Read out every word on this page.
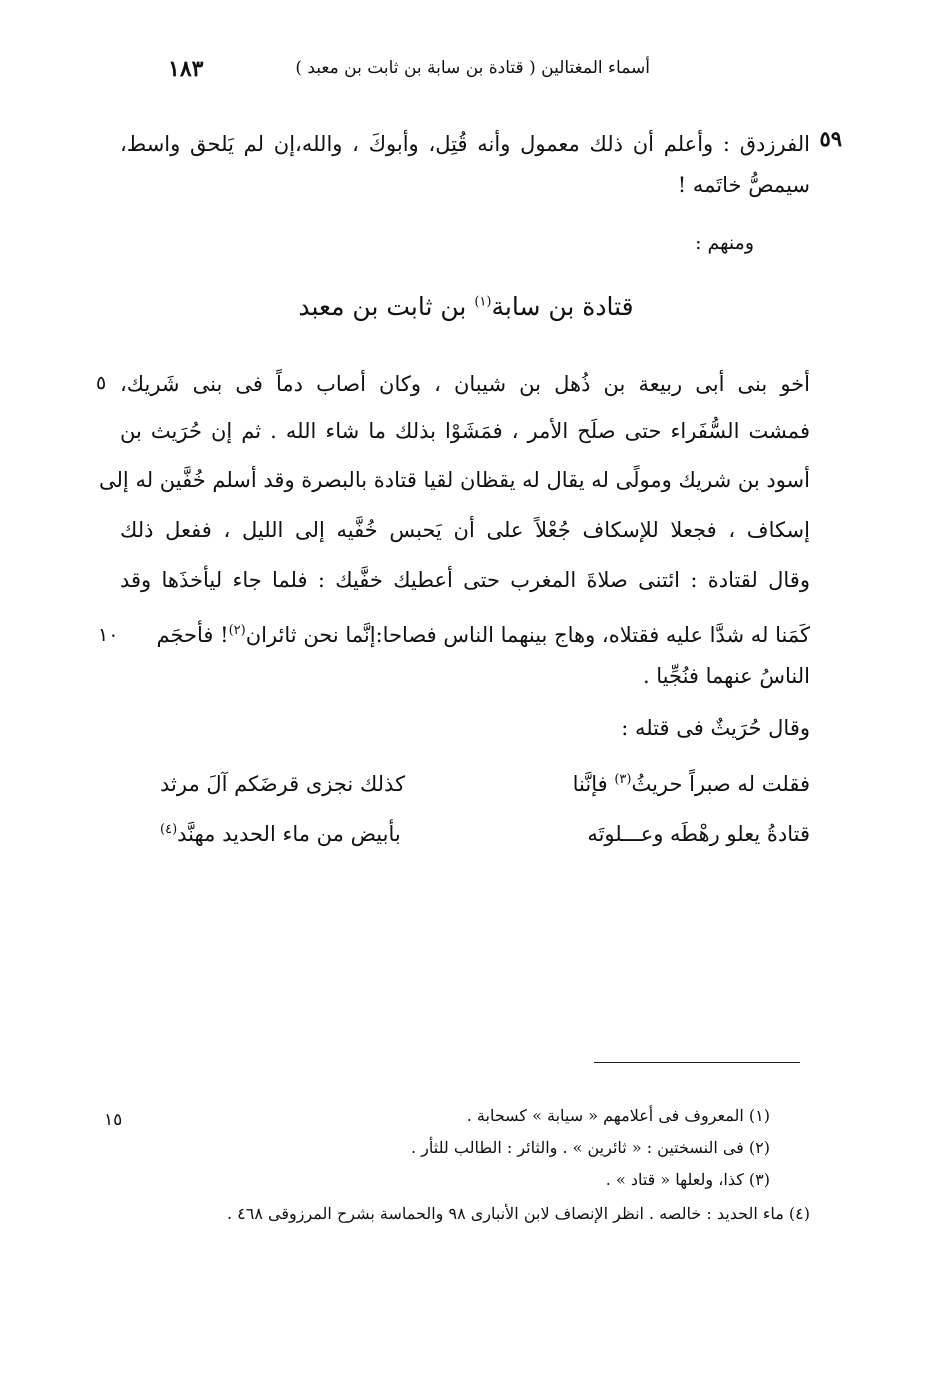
أسماء المغتالين ( قتادة بن سابة بن ثابت بن معبد )
١٨٣
٥٩
الفرزدق : وأعلم أن ذلك معمول وأنه قُتِل، وأبوكَ ، والله،إن لم يَلحق واسط،
سيمصُّ خاتَمه !
ومنهم :
قتادة بن سابة$^{(١)}$ بن ثابت بن معبد
أخو بنى أبى ربيعة بن ذُهل بن شيبان ، وكان أصاب دماً فى بنى شَريك،
٥
فمشت السُّفَراء حتى صلَح الأمر ، فمَشَوْا بذلك ما شاء الله . ثم إن حُرَيث بن
أسود بن شريك ومولًى له يقال له يقظان لقيا قتادة بالبصرة وقد أسلم خُفَّين له إلى
إسكاف ، فجعلا للإسكاف جُعْلاً على أن يَحبس خُفَّيه إلى الليل ، ففعل ذلك
وقال لقتادة : ائتنى صلاةَ المغرب حتى أعطيك خفَّيك : فلما جاء ليأخذَها وقد
كَمَنا له شدَّا عليه فقتلاه، وهاج بينهما الناس فصاحا:إنَّما نحن ثائران$^{(٢)}$! فأحجَم
١٠
الناسُ عنهما فنُجِّيا .
وقال حُرَيثٌ فى قتله :
فقلت له صبراً حريثُ$^{(٣)}$ فإنَّنا
كذلك نجزى قرضَكم آلَ مرثد
قتادةُ يعلو رهْطَه وعـــلوتَه
بأبيض من ماء الحديد مهنَّد$^{(٤)}$
١٥	(١) المعروف فى أعلامهم « سيابة » كسحابة .
(٢) فى النسختين : « ثائرين » . والثائر : الطالب للثأر .
(٣) كذا، ولعلها « قتاد » .
(٤) ماء الحديد : خالصه . انظر الإنصاف لابن الأنبارى ٩٨ والحماسة بشرح المرزوقى ٤٦٨ .
